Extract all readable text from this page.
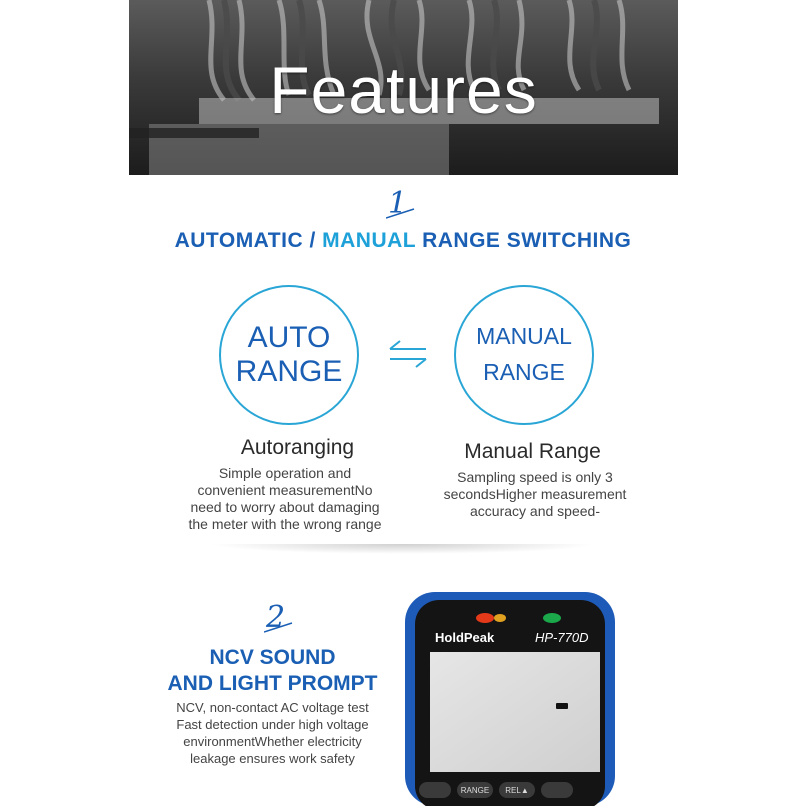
Features
1
AUTOMATIC / MANUAL RANGE SWITCHING
AUTO
RANGE
MANUAL
RANGE
Autoranging
Simple operation and
convenient measurementNo
need to worry about damaging
the meter with the wrong range
Manual Range
Sampling speed is only 3
secondsHigher measurement
accuracy and speed-
2
NCV SOUND
AND LIGHT PROMPT
NCV, non-contact AC voltage test
Fast detection under high voltage
environmentWhether electricity
leakage ensures work safety
HoldPeak	HP-770D
RANGE REL▲
